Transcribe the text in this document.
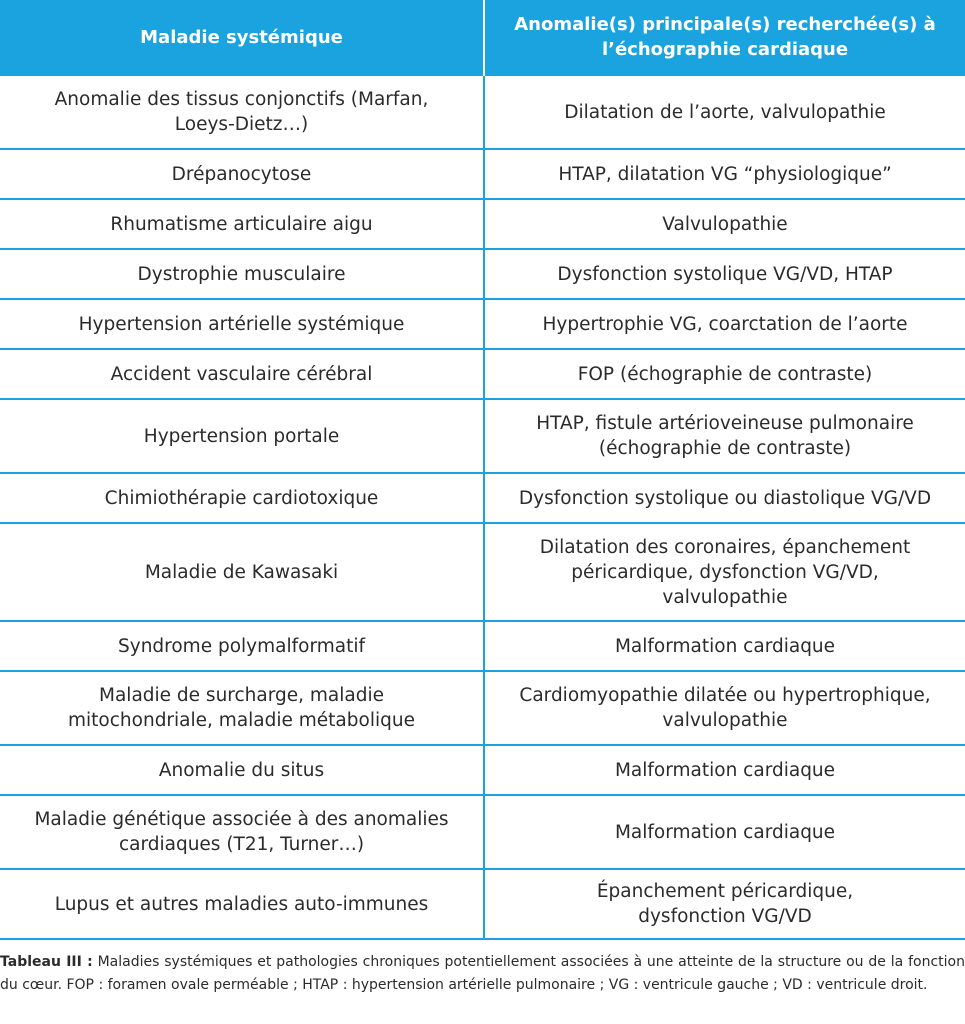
Maladie systémique	Anomalie(s) principale(s) recherchée(s) à l’échographie cardiaque
Anomalie des tissus conjonctifs (Marfan, Loeys-Dietz…)	Dilatation de l’aorte, valvulopathie
Drépanocytose	HTAP, dilatation VG “physiologique”
Rhumatisme articulaire aigu	Valvulopathie
Dystrophie musculaire	Dysfonction systolique VG/VD, HTAP
Hypertension artérielle systémique	Hypertrophie VG, coarctation de l’aorte
Accident vasculaire cérébral	FOP (échographie de contraste)
Hypertension portale	HTAP, fistule artérioveineuse pulmonaire (échographie de contraste)
Chimiothérapie cardiotoxique	Dysfonction systolique ou diastolique VG/VD
Maladie de Kawasaki	Dilatation des coronaires, épanchement péricardique, dysfonction VG/VD, valvulopathie
Syndrome polymalformatif	Malformation cardiaque
Maladie de surcharge, maladie mitochondriale, maladie métabolique	Cardiomyopathie dilatée ou hypertrophique, valvulopathie
Anomalie du situs	Malformation cardiaque
Maladie génétique associée à des anomalies cardiaques (T21, Turner…)	Malformation cardiaque
Lupus et autres maladies auto-immunes	Épanchement péricardique, dysfonction VG/VD
Tableau III : Maladies systémiques et pathologies chroniques potentiellement associées à une atteinte de la structure ou de la fonction du cœur. FOP : foramen ovale perméable ; HTAP : hypertension artérielle pulmonaire ; VG : ventricule gauche ; VD : ventricule droit.
